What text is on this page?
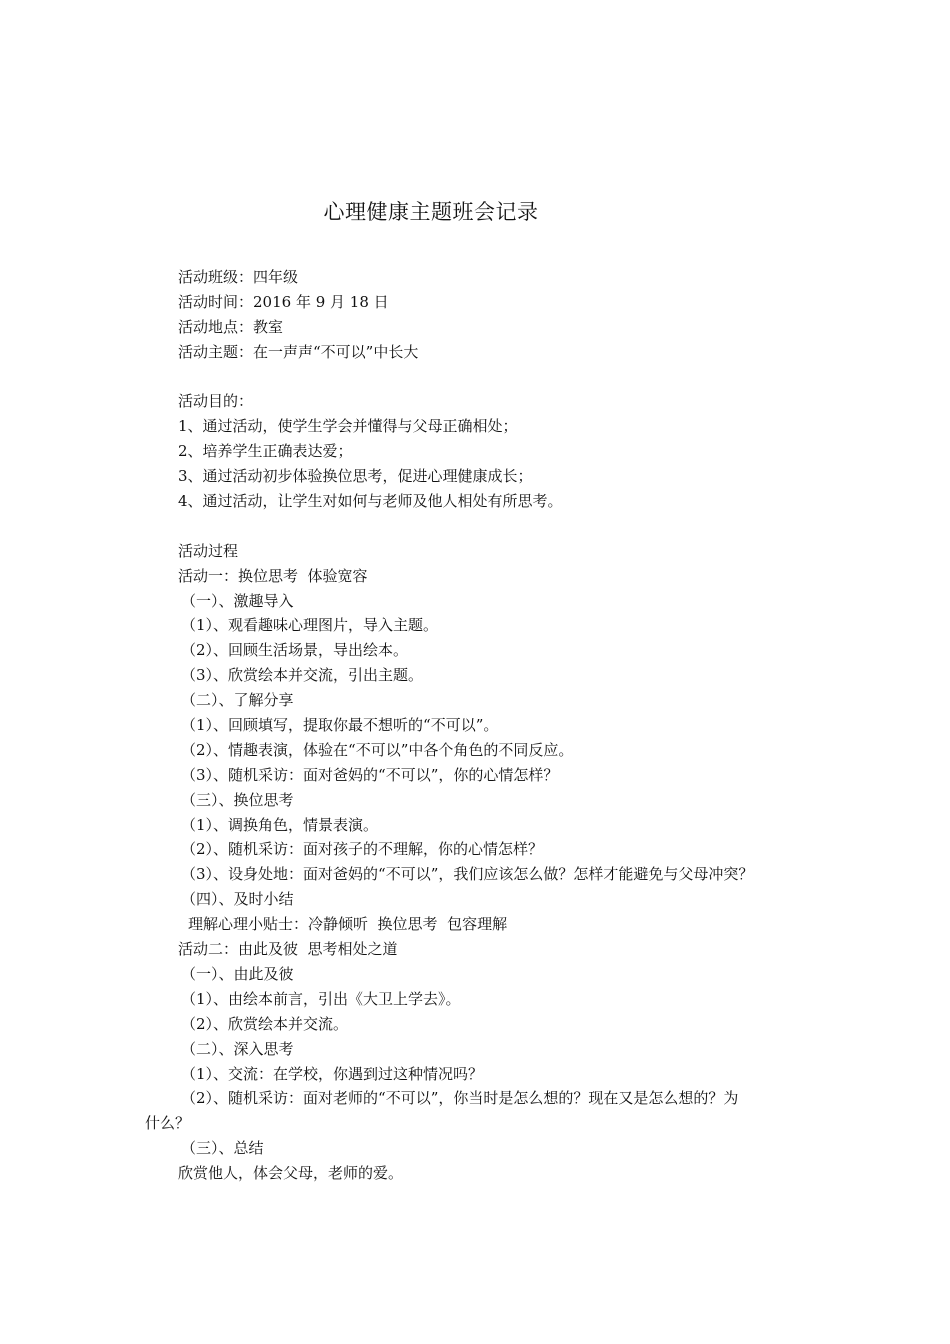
心理健康主题班会记录
活动班级：四年级
活动时间：2016 年 9 月 18 日
活动地点：教室
活动主题：在一声声“不可以”中长大
活动目的：
1、通过活动，使学生学会并懂得与父母正确相处；
2、培养学生正确表达爱；
3、通过活动初步体验换位思考，促进心理健康成长；
4、通过活动，让学生对如何与老师及他人相处有所思考。
活动过程
活动一：换位思考  体验宽容
（一）、激趣导入
（1）、观看趣味心理图片，导入主题。
（2）、回顾生活场景，导出绘本。
（3）、欣赏绘本并交流，引出主题。
（二）、了解分享
（1）、回顾填写，提取你最不想听的“不可以”。
（2）、情趣表演，体验在“不可以”中各个角色的不同反应。
（3）、随机采访：面对爸妈的“不可以”，你的心情怎样？
（三）、换位思考
（1）、调换角色，情景表演。
（2）、随机采访：面对孩子的不理解，你的心情怎样？
（3）、设身处地：面对爸妈的“不可以”，我们应该怎么做？怎样才能避免与父母冲突？
（四）、及时小结
理解心理小贴士：冷静倾听  换位思考  包容理解
活动二：由此及彼  思考相处之道
（一）、由此及彼
（1）、由绘本前言，引出《大卫上学去》。
（2）、欣赏绘本并交流。
（二）、深入思考
（1）、交流：在学校，你遇到过这种情况吗？
（2）、随机采访：面对老师的“不可以”，你当时是怎么想的？现在又是怎么想的？为
什么？
（三）、总结
欣赏他人，体会父母，老师的爱。
